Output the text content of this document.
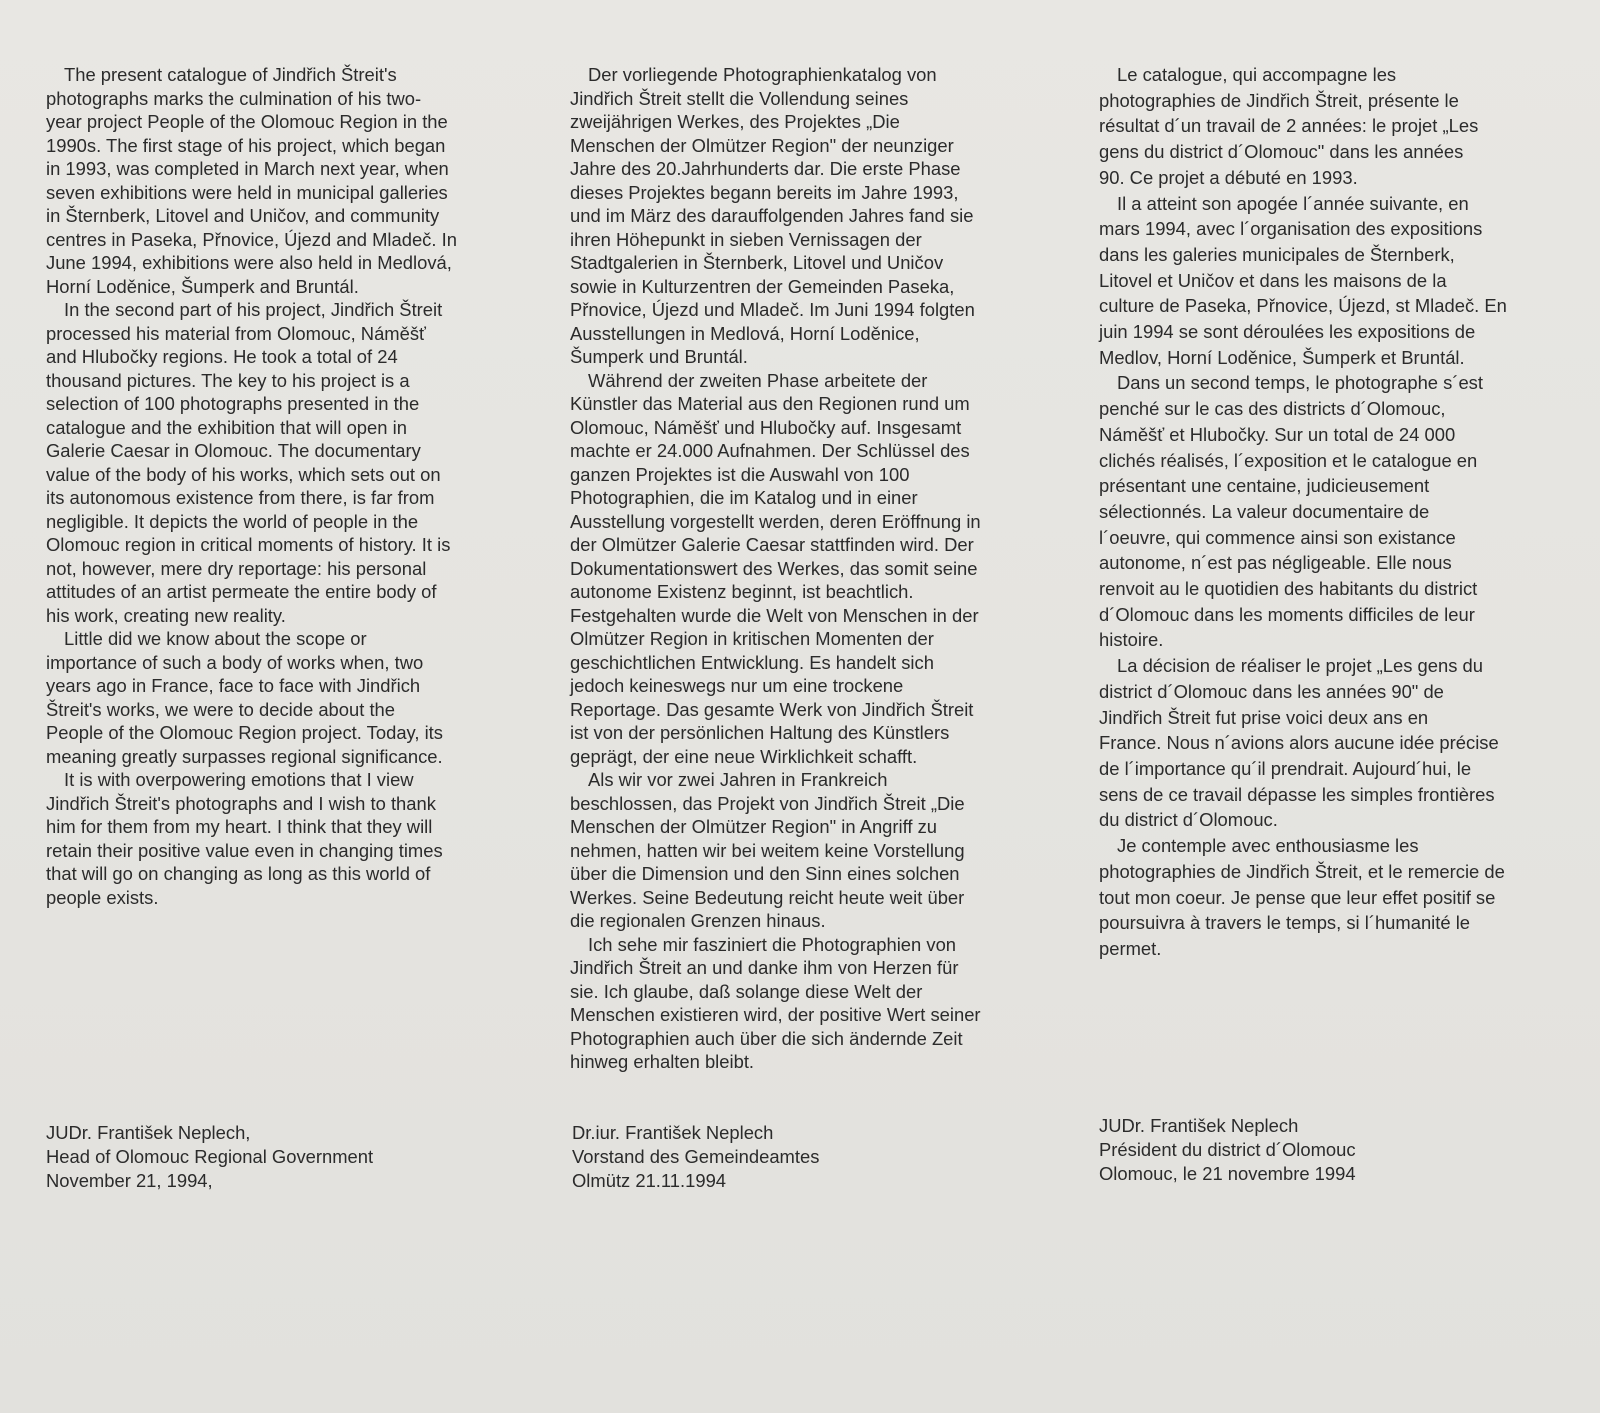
The present catalogue of Jindřich Štreit's
photographs marks the culmination of his two-
year project People of the Olomouc Region in the
1990s. The first stage of his project, which began
in 1993, was completed in March next year, when
seven exhibitions were held in municipal galleries
in Šternberk, Litovel and Uničov, and community
centres in Paseka, Přnovice, Újezd and Mladeč. In
June 1994, exhibitions were also held in Medlová,
Horní Loděnice, Šumperk and Bruntál.

In the second part of his project, Jindřich Štreit
processed his material from Olomouc, Náměšť
and Hlubočky regions. He took a total of 24
thousand pictures. The key to his project is a
selection of 100 photographs presented in the
catalogue and the exhibition that will open in
Galerie Caesar in Olomouc. The documentary
value of the body of his works, which sets out on
its autonomous existence from there, is far from
negligible. It depicts the world of people in the
Olomouc region in critical moments of history. It is
not, however, mere dry reportage: his personal
attitudes of an artist permeate the entire body of
his work, creating new reality.

Little did we know about the scope or
importance of such a body of works when, two
years ago in France, face to face with Jindřich
Štreit's works, we were to decide about the
People of the Olomouc Region project. Today, its
meaning greatly surpasses regional significance.

It is with overpowering emotions that I view
Jindřich Štreit's photographs and I wish to thank
him for them from my heart. I think that they will
retain their positive value even in changing times
that will go on changing as long as this world of
people exists.

Der vorliegende Photographienkatalog von
Jindřich Štreit stellt die Vollendung seines
zweijährigen Werkes, des Projektes „Die
Menschen der Olmützer Region" der neunziger
Jahre des 20.Jahrhunderts dar. Die erste Phase
dieses Projektes begann bereits im Jahre 1993,
und im März des darauffolgenden Jahres fand sie
ihren Höhepunkt in sieben Vernissagen der
Stadtgalerien in Šternberk, Litovel und Uničov
sowie in Kulturzentren der Gemeinden Paseka,
Přnovice, Újezd und Mladeč. Im Juni 1994 folgten
Ausstellungen in Medlová, Horní Loděnice,
Šumperk und Bruntál.

Während der zweiten Phase arbeitete der
Künstler das Material aus den Regionen rund um
Olomouc, Náměšť und Hlubočky auf. Insgesamt
machte er 24.000 Aufnahmen. Der Schlüssel des
ganzen Projektes ist die Auswahl von 100
Photographien, die im Katalog und in einer
Ausstellung vorgestellt werden, deren Eröffnung in
der Olmützer Galerie Caesar stattfinden wird. Der
Dokumentationswert des Werkes, das somit seine
autonome Existenz beginnt, ist beachtlich.
Festgehalten wurde die Welt von Menschen in der
Olmützer Region in kritischen Momenten der
geschichtlichen Entwicklung. Es handelt sich
jedoch keineswegs nur um eine trockene
Reportage. Das gesamte Werk von Jindřich Štreit
ist von der persönlichen Haltung des Künstlers
geprägt, der eine neue Wirklichkeit schafft.

Als wir vor zwei Jahren in Frankreich
beschlossen, das Projekt von Jindřich Štreit „Die
Menschen der Olmützer Region" in Angriff zu
nehmen, hatten wir bei weitem keine Vorstellung
über die Dimension und den Sinn eines solchen
Werkes. Seine Bedeutung reicht heute weit über
die regionalen Grenzen hinaus.

Ich sehe mir fasziniert die Photographien von
Jindřich Štreit an und danke ihm von Herzen für
sie. Ich glaube, daß solange diese Welt der
Menschen existieren wird, der positive Wert seiner
Photographien auch über die sich ändernde Zeit
hinweg erhalten bleibt.

Le catalogue, qui accompagne les
photographies de Jindřich Štreit, présente le
résultat d´un travail de 2 années: le projet „Les
gens du district d´Olomouc" dans les années
90. Ce projet a débuté en 1993.

Il a atteint son apogée l´année suivante, en
mars 1994, avec l´organisation des expositions
dans les galeries municipales de Šternberk,
Litovel et Uničov et dans les maisons de la
culture de Paseka, Přnovice, Újezd, st Mladeč. En
juin 1994 se sont déroulées les expositions de
Medlov, Horní Loděnice, Šumperk et Bruntál.

Dans un second temps, le photographe s´est
penché sur le cas des districts d´Olomouc,
Náměšť et Hlubočky. Sur un total de 24 000
clichés réalisés, l´exposition et le catalogue en
présentant une centaine, judicieusement
sélectionnés. La valeur documentaire de
l´oeuvre, qui commence ainsi son existance
autonome, n´est pas négligeable. Elle nous
renvoit au le quotidien des habitants du district
d´Olomouc dans les moments difficiles de leur
histoire.

La décision de réaliser le projet „Les gens du
district d´Olomouc dans les années 90" de
Jindřich Štreit fut prise voici deux ans en
France. Nous n´avions alors aucune idée précise
de l´importance qu´il prendrait. Aujourd´hui, le
sens de ce travail dépasse les simples frontières
du district d´Olomouc.

Je contemple avec enthousiasme les
photographies de Jindřich Štreit, et le remercie de
tout mon coeur. Je pense que leur effet positif se
poursuivra à travers le temps, si l´humanité le
permet.

JUDr. František Neplech,
Head of Olomouc Regional Government
November 21, 1994,
Dr.iur. František Neplech
Vorstand des Gemeindeamtes
Olmütz 21.11.1994
JUDr. František Neplech
Président du district d´Olomouc
Olomouc, le 21 novembre 1994
